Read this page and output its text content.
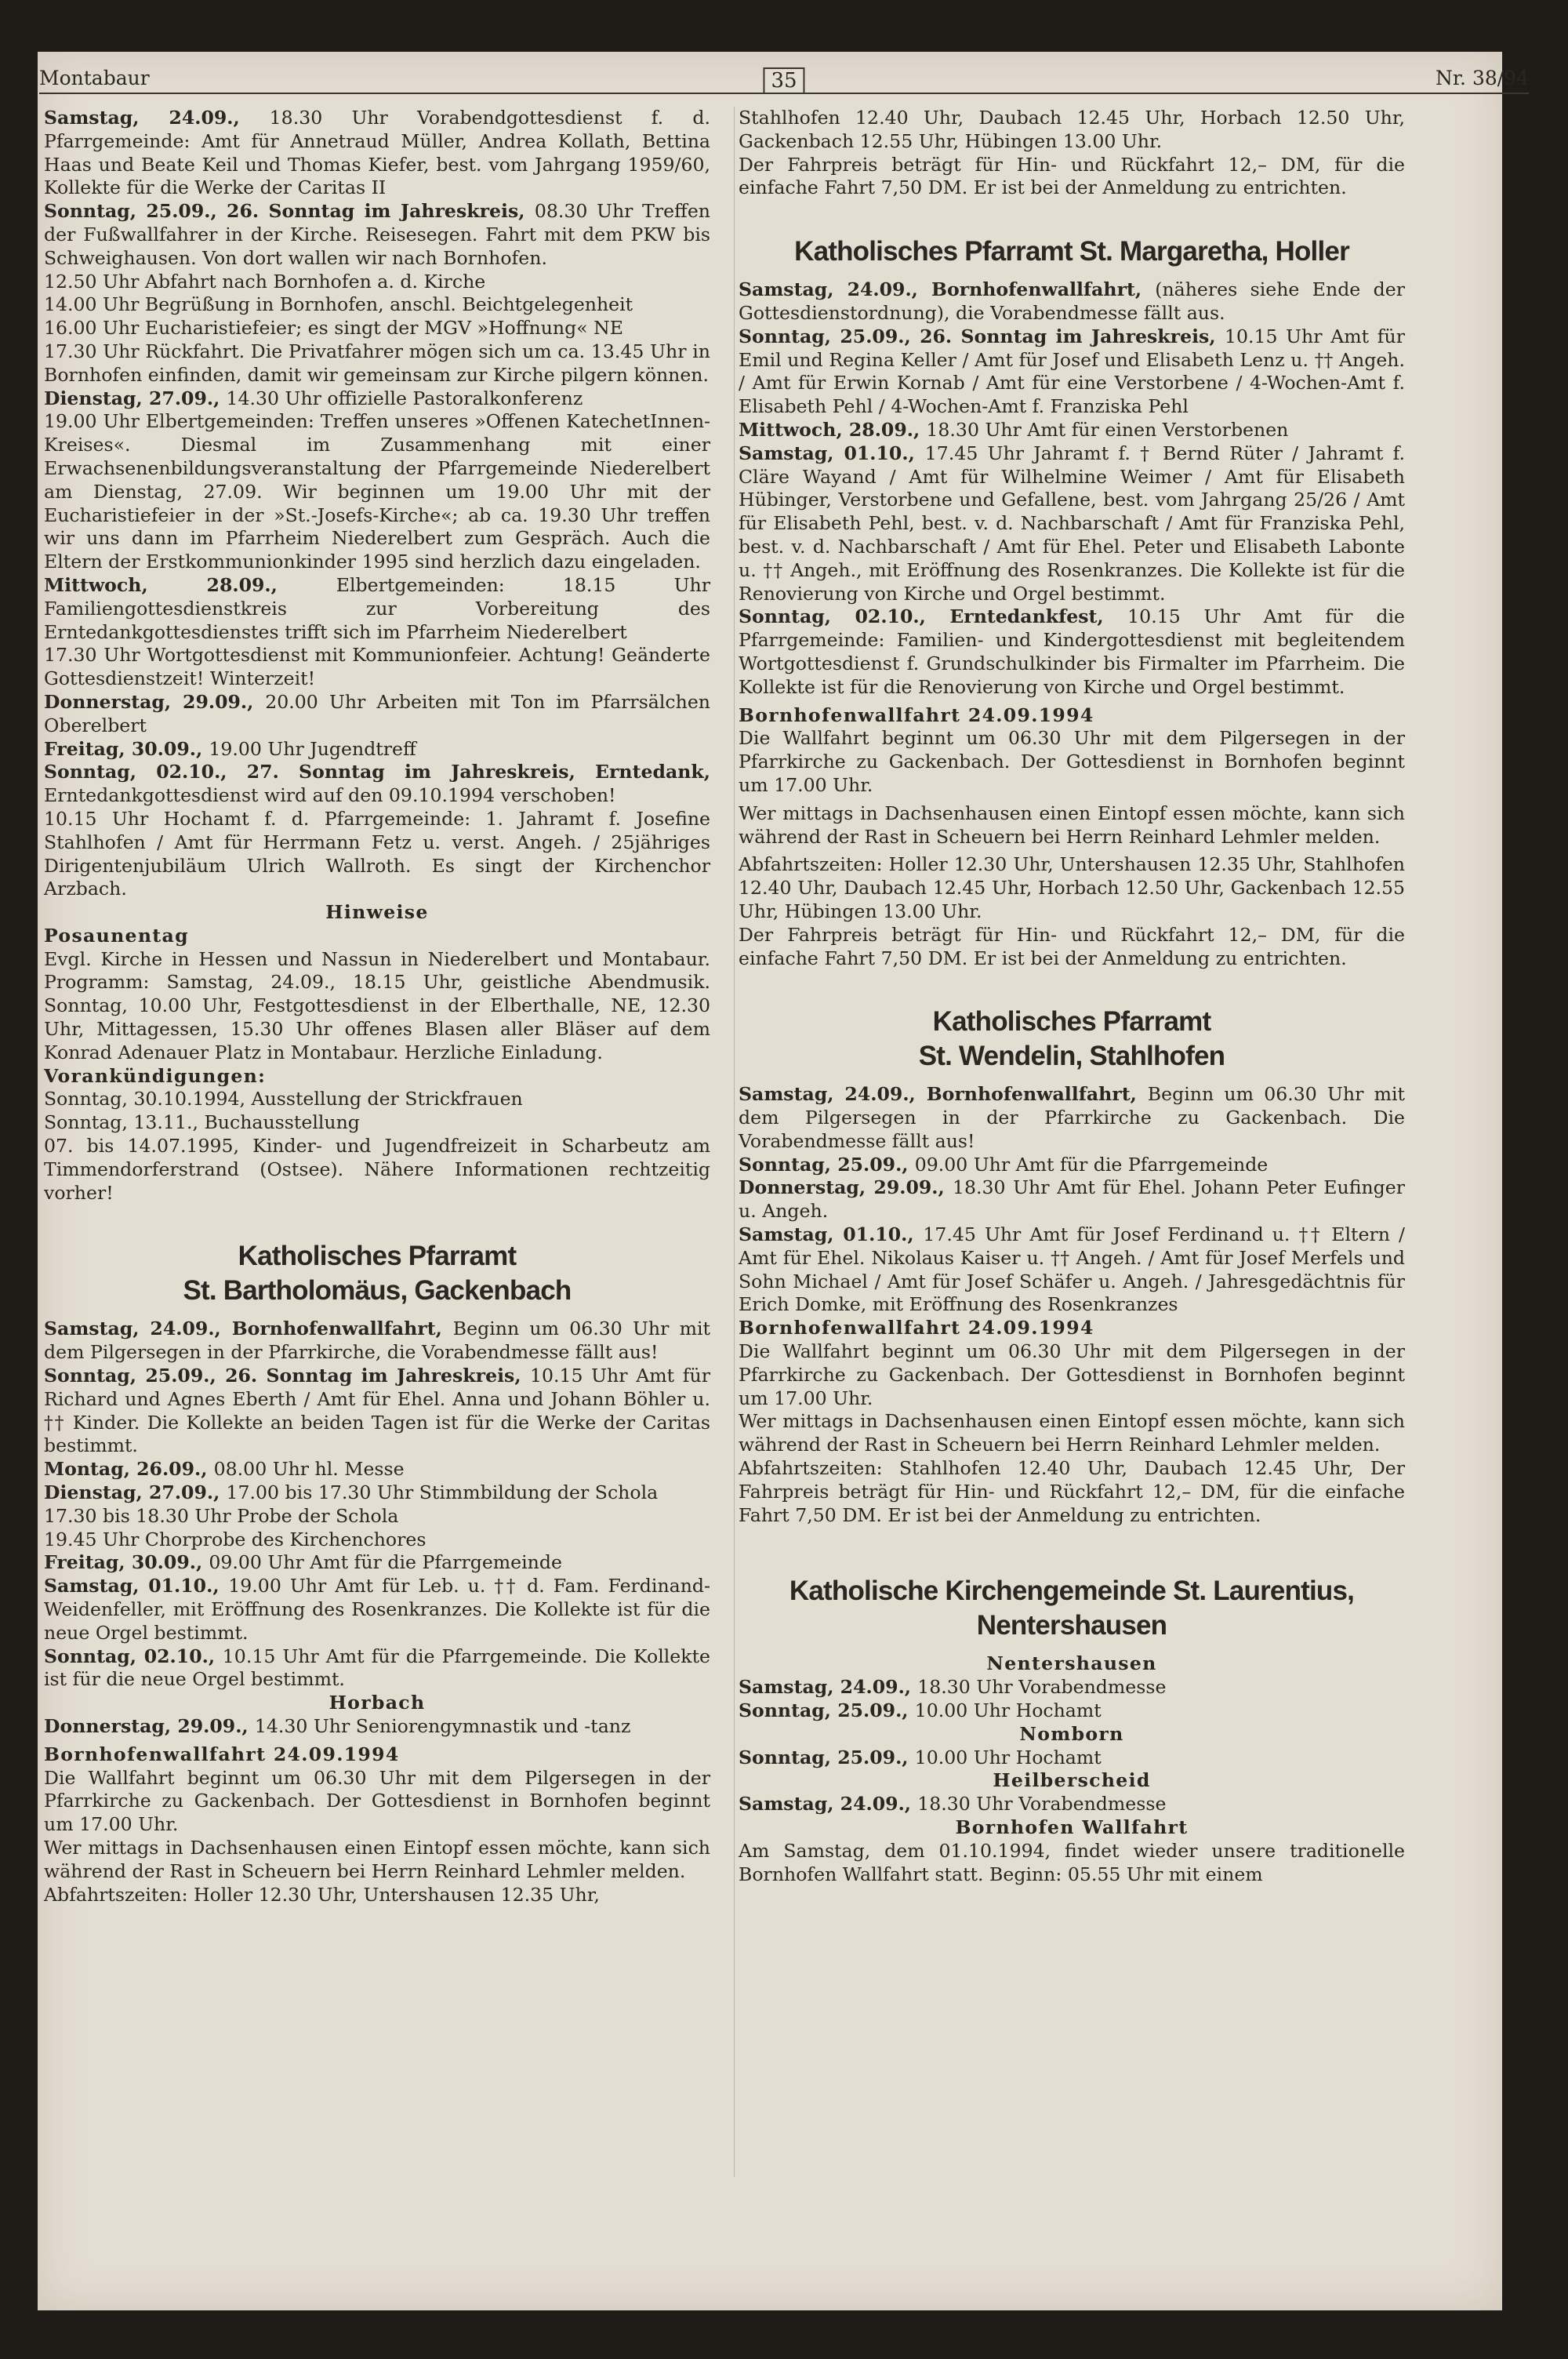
Montabaur	35	Nr. 38/94

Samstag, 24.09., 18.30 Uhr Vorabendgottesdienst f. d. Pfarrgemeinde: Amt für Annetraud Müller, Andrea Kollath, Bettina Haas und Beate Keil und Thomas Kiefer, best. vom Jahrgang 1959/60, Kollekte für die Werke der Caritas II

Sonntag, 25.09., 26. Sonntag im Jahreskreis, 08.30 Uhr Treffen der Fußwallfahrer in der Kirche. Reisesegen. Fahrt mit dem PKW bis Schweighausen. Von dort wallen wir nach Bornhofen.

12.50 Uhr Abfahrt nach Bornhofen a. d. Kirche

14.00 Uhr Begrüßung in Bornhofen, anschl. Beichtgelegenheit

16.00 Uhr Eucharistiefeier; es singt der MGV »Hoffnung« NE

17.30 Uhr Rückfahrt. Die Privatfahrer mögen sich um ca. 13.45 Uhr in Bornhofen einfinden, damit wir gemeinsam zur Kirche pilgern können.

Dienstag, 27.09., 14.30 Uhr offizielle Pastoralkonferenz

19.00 Uhr Elbertgemeinden: Treffen unseres »Offenen KatechetInnen-Kreises«. Diesmal im Zusammenhang mit einer Erwachsenenbildungsveranstaltung der Pfarrgemeinde Niederelbert am Dienstag, 27.09. Wir beginnen um 19.00 Uhr mit der Eucharistiefeier in der »St.-Josefs-Kirche«; ab ca. 19.30 Uhr treffen wir uns dann im Pfarrheim Niederelbert zum Gespräch. Auch die Eltern der Erstkommunionkinder 1995 sind herzlich dazu eingeladen.

Mittwoch, 28.09., Elbertgemeinden: 18.15 Uhr Familiengottesdienstkreis zur Vorbereitung des Erntedankgottesdienstes trifft sich im Pfarrheim Niederelbert

17.30 Uhr Wortgottesdienst mit Kommunionfeier. Achtung! Geänderte Gottesdienstzeit! Winterzeit!

Donnerstag, 29.09., 20.00 Uhr Arbeiten mit Ton im Pfarrsälchen Oberelbert

Freitag, 30.09., 19.00 Uhr Jugendtreff

Sonntag, 02.10., 27. Sonntag im Jahreskreis, Erntedank, Erntedankgottesdienst wird auf den 09.10.1994 verschoben!

10.15 Uhr Hochamt f. d. Pfarrgemeinde: 1. Jahramt f. Josefine Stahlhofen / Amt für Herrmann Fetz u. verst. Angeh. / 25jähriges Dirigentenjubiläum Ulrich Wallroth. Es singt der Kirchenchor Arzbach.

Hinweise

Posaunentag

Evgl. Kirche in Hessen und Nassun in Niederelbert und Montabaur. Programm: Samstag, 24.09., 18.15 Uhr, geistliche Abendmusik. Sonntag, 10.00 Uhr, Festgottesdienst in der Elberthalle, NE, 12.30 Uhr, Mittagessen, 15.30 Uhr offenes Blasen aller Bläser auf dem Konrad Adenauer Platz in Montabaur. Herzliche Einladung.

Vorankündigungen:

Sonntag, 30.10.1994, Ausstellung der Strickfrauen

Sonntag, 13.11., Buchausstellung

07. bis 14.07.1995, Kinder- und Jugendfreizeit in Scharbeutz am Timmendorferstrand (Ostsee). Nähere Informationen rechtzeitig vorher!

Katholisches Pfarramt
St. Bartholomäus, Gackenbach

Samstag, 24.09., Bornhofenwallfahrt, Beginn um 06.30 Uhr mit dem Pilgersegen in der Pfarrkirche, die Vorabendmesse fällt aus!

Sonntag, 25.09., 26. Sonntag im Jahreskreis, 10.15 Uhr Amt für Richard und Agnes Eberth / Amt für Ehel. Anna und Johann Böhler u. †† Kinder. Die Kollekte an beiden Tagen ist für die Werke der Caritas bestimmt.

Montag, 26.09., 08.00 Uhr hl. Messe

Dienstag, 27.09., 17.00 bis 17.30 Uhr Stimmbildung der Schola

17.30 bis 18.30 Uhr Probe der Schola

19.45 Uhr Chorprobe des Kirchenchores

Freitag, 30.09., 09.00 Uhr Amt für die Pfarrgemeinde

Samstag, 01.10., 19.00 Uhr Amt für Leb. u. †† d. Fam. Ferdinand-Weidenfeller, mit Eröffnung des Rosenkranzes. Die Kollekte ist für die neue Orgel bestimmt.

Sonntag, 02.10., 10.15 Uhr Amt für die Pfarrgemeinde. Die Kollekte ist für die neue Orgel bestimmt.

Horbach

Donnerstag, 29.09., 14.30 Uhr Seniorengymnastik und -tanz

Bornhofenwallfahrt 24.09.1994

Die Wallfahrt beginnt um 06.30 Uhr mit dem Pilgersegen in der Pfarrkirche zu Gackenbach. Der Gottesdienst in Bornhofen beginnt um 17.00 Uhr.

Wer mittags in Dachsenhausen einen Eintopf essen möchte, kann sich während der Rast in Scheuern bei Herrn Reinhard Lehmler melden.

Abfahrtszeiten: Holler 12.30 Uhr, Untershausen 12.35 Uhr,

Stahlhofen 12.40 Uhr, Daubach 12.45 Uhr, Horbach 12.50 Uhr, Gackenbach 12.55 Uhr, Hübingen 13.00 Uhr.

Der Fahrpreis beträgt für Hin- und Rückfahrt 12,– DM, für die einfache Fahrt 7,50 DM. Er ist bei der Anmeldung zu entrichten.

Katholisches Pfarramt St. Margaretha, Holler

Samstag, 24.09., Bornhofenwallfahrt, (näheres siehe Ende der Gottesdienstordnung), die Vorabendmesse fällt aus.

Sonntag, 25.09., 26. Sonntag im Jahreskreis, 10.15 Uhr Amt für Emil und Regina Keller / Amt für Josef und Elisabeth Lenz u. †† Angeh. / Amt für Erwin Kornab / Amt für eine Verstorbene / 4-Wochen-Amt f. Elisabeth Pehl / 4-Wochen-Amt f. Franziska Pehl

Mittwoch, 28.09., 18.30 Uhr Amt für einen Verstorbenen

Samstag, 01.10., 17.45 Uhr Jahramt f. † Bernd Rüter / Jahramt f. Cläre Wayand / Amt für Wilhelmine Weimer / Amt für Elisabeth Hübinger, Verstorbene und Gefallene, best. vom Jahrgang 25/26 / Amt für Elisabeth Pehl, best. v. d. Nachbarschaft / Amt für Franziska Pehl, best. v. d. Nachbarschaft / Amt für Ehel. Peter und Elisabeth Labonte u. †† Angeh., mit Eröffnung des Rosenkranzes. Die Kollekte ist für die Renovierung von Kirche und Orgel bestimmt.

Sonntag, 02.10., Erntedankfest, 10.15 Uhr Amt für die Pfarrgemeinde: Familien- und Kindergottesdienst mit begleitendem Wortgottesdienst f. Grundschulkinder bis Firmalter im Pfarrheim. Die Kollekte ist für die Renovierung von Kirche und Orgel bestimmt.

Bornhofenwallfahrt 24.09.1994

Die Wallfahrt beginnt um 06.30 Uhr mit dem Pilgersegen in der Pfarrkirche zu Gackenbach. Der Gottesdienst in Bornhofen beginnt um 17.00 Uhr.

Wer mittags in Dachsenhausen einen Eintopf essen möchte, kann sich während der Rast in Scheuern bei Herrn Reinhard Lehmler melden.

Abfahrtszeiten: Holler 12.30 Uhr, Untershausen 12.35 Uhr, Stahlhofen 12.40 Uhr, Daubach 12.45 Uhr, Horbach 12.50 Uhr, Gackenbach 12.55 Uhr, Hübingen 13.00 Uhr.

Der Fahrpreis beträgt für Hin- und Rückfahrt 12,– DM, für die einfache Fahrt 7,50 DM. Er ist bei der Anmeldung zu entrichten.

Katholisches Pfarramt
St. Wendelin, Stahlhofen

Samstag, 24.09., Bornhofenwallfahrt, Beginn um 06.30 Uhr mit dem Pilgersegen in der Pfarrkirche zu Gackenbach. Die Vorabendmesse fällt aus!

Sonntag, 25.09., 09.00 Uhr Amt für die Pfarrgemeinde

Donnerstag, 29.09., 18.30 Uhr Amt für Ehel. Johann Peter Eufinger u. Angeh.

Samstag, 01.10., 17.45 Uhr Amt für Josef Ferdinand u. †† Eltern / Amt für Ehel. Nikolaus Kaiser u. †† Angeh. / Amt für Josef Merfels und Sohn Michael / Amt für Josef Schäfer u. Angeh. / Jahresgedächtnis für Erich Domke, mit Eröffnung des Rosenkranzes

Bornhofenwallfahrt 24.09.1994

Die Wallfahrt beginnt um 06.30 Uhr mit dem Pilgersegen in der Pfarrkirche zu Gackenbach. Der Gottesdienst in Bornhofen beginnt um 17.00 Uhr.

Wer mittags in Dachsenhausen einen Eintopf essen möchte, kann sich während der Rast in Scheuern bei Herrn Reinhard Lehmler melden.

Abfahrtszeiten: Stahlhofen 12.40 Uhr, Daubach 12.45 Uhr, Der Fahrpreis beträgt für Hin- und Rückfahrt 12,– DM, für die einfache Fahrt 7,50 DM. Er ist bei der Anmeldung zu entrichten.

Katholische Kirchengemeinde St. Laurentius,
Nentershausen

Nentershausen

Samstag, 24.09., 18.30 Uhr Vorabendmesse

Sonntag, 25.09., 10.00 Uhr Hochamt

Nomborn

Sonntag, 25.09., 10.00 Uhr Hochamt

Heilberscheid

Samstag, 24.09., 18.30 Uhr Vorabendmesse

Bornhofen Wallfahrt

Am Samstag, dem 01.10.1994, findet wieder unsere traditionelle Bornhofen Wallfahrt statt. Beginn: 05.55 Uhr mit einem
